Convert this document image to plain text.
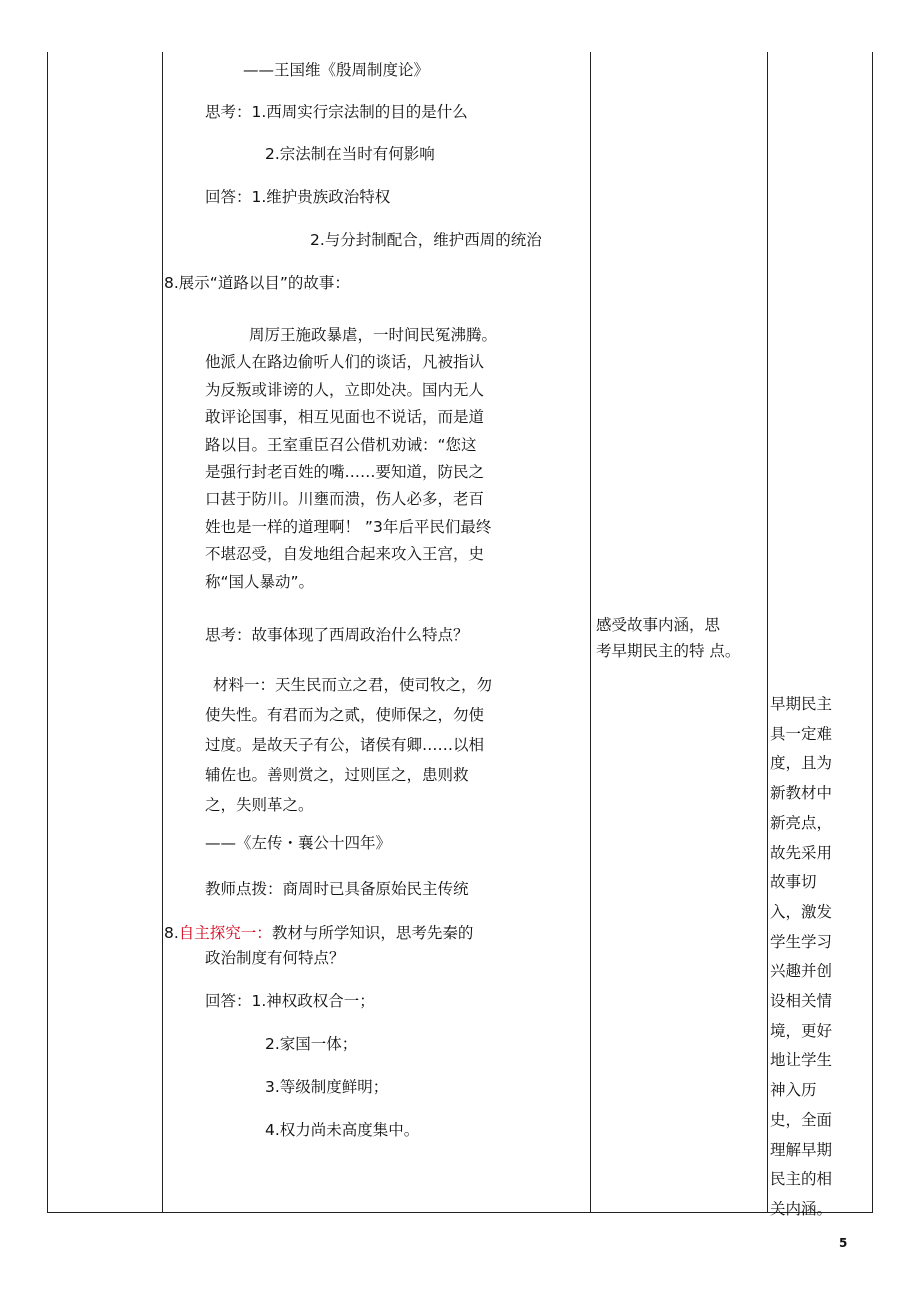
——王国维《殷周制度论》
思考：1.西周实行宗法制的目的是什么
2.宗法制在当时有何影响
回答：1.维护贵族政治特权
2.与分封制配合，维护西周的统治
8.展示“道路以目”的故事：
周厉王施政暴虐，一时间民冤沸腾。
他派人在路边偷听人们的谈话，凡被指认
为反叛或诽谤的人，立即处决。国内无人
敢评论国事，相互见面也不说话，而是道
路以目。王室重臣召公借机劝诫：“您这
是强行封老百姓的嘴……要知道，防民之
口甚于防川。川壅而溃，伤人必多，老百
姓也是一样的道理啊！ ”3年后平民们最终
不堪忍受，自发地组合起来攻入王宫，史
称“国人暴动”。
思考：故事体现了西周政治什么特点？
材料一：天生民而立之君，使司牧之，勿
使失性。有君而为之贰，使师保之，勿使
过度。是故天子有公，诸侯有卿……以相
辅佐也。善则赏之，过则匡之，患则救
之，失则革之。
——《左传・襄公十四年》
教师点拨：商周时已具备原始民主传统
8.自主探究一：教材与所学知识，思考先秦的
政治制度有何特点？
回答：1.神权政权合一；
2.家国一体；
3.等级制度鲜明；
4.权力尚未高度集中。
感受故事内涵，思
考早期民主的特 点。
早期民主
具一定难
度，且为
新教材中
新亮点，
故先采用
故事切
入，激发
学生学习
兴趣并创
设相关情
境，更好
地让学生
神入历
史，全面
理解早期
民主的相
关内涵。
5
